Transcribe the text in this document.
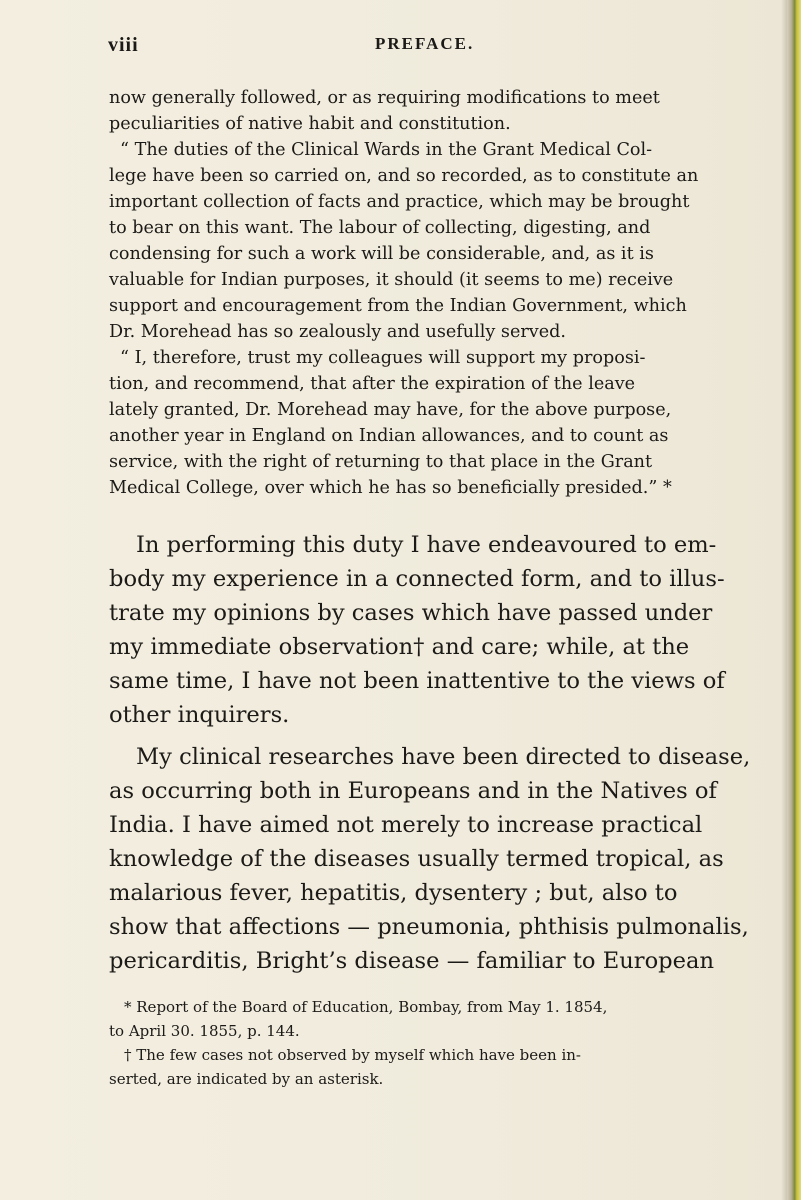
viii	PREFACE.
now generally followed, or as requiring modifications to meet
peculiarities of native habit and constitution.
“ The duties of the Clinical Wards in the Grant Medical Col-
lege have been so carried on, and so recorded, as to constitute an
important collection of facts and practice, which may be brought
to bear on this want. The labour of collecting, digesting, and
condensing for such a work will be considerable, and, as it is
valuable for Indian purposes, it should (it seems to me) receive
support and encouragement from the Indian Government, which
Dr. Morehead has so zealously and usefully served.
“ I, therefore, trust my colleagues will support my proposi-
tion, and recommend, that after the expiration of the leave
lately granted, Dr. Morehead may have, for the above purpose,
another year in England on Indian allowances, and to count as
service, with the right of returning to that place in the Grant
Medical College, over which he has so beneficially presided.” *
In performing this duty I have endeavoured to em-
body my experience in a connected form, and to illus-
trate my opinions by cases which have passed under
my immediate observation† and care; while, at the
same time, I have not been inattentive to the views of
other inquirers.
My clinical researches have been directed to disease,
as occurring both in Europeans and in the Natives of
India. I have aimed not merely to increase practical
knowledge of the diseases usually termed tropical, as
malarious fever, hepatitis, dysentery ; but, also to
show that affections — pneumonia, phthisis pulmonalis,
pericarditis, Bright’s disease — familiar to European
* Report of the Board of Education, Bombay, from May 1. 1854,
to April 30. 1855, p. 144.
† The few cases not observed by myself which have been in-
serted, are indicated by an asterisk.
